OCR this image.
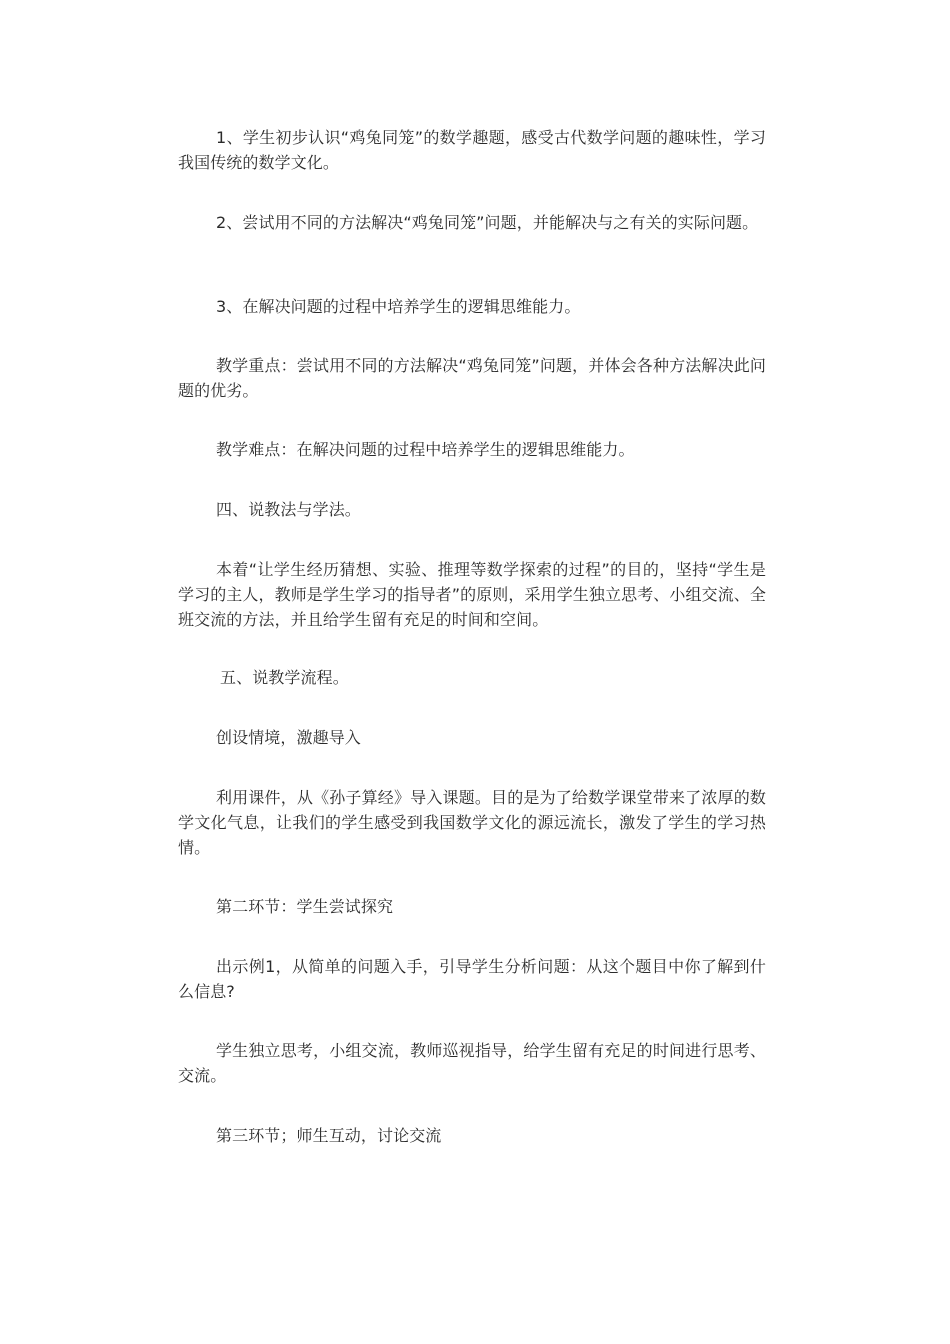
1、学生初步认识“鸡兔同笼”的数学趣题，感受古代数学问题的趣味性，学习我国传统的数学文化。

2、尝试用不同的方法解决“鸡兔同笼”问题，并能解决与之有关的实际问题。

3、在解决问题的过程中培养学生的逻辑思维能力。

教学重点：尝试用不同的方法解决“鸡兔同笼”问题，并体会各种方法解决此问题的优劣。

教学难点：在解决问题的过程中培养学生的逻辑思维能力。

四、说教法与学法。

本着“让学生经历猜想、实验、推理等数学探索的过程”的目的，坚持“学生是学习的主人，教师是学生学习的指导者”的原则，采用学生独立思考、小组交流、全班交流的方法，并且给学生留有充足的时间和空间。

五、说教学流程。

创设情境，激趣导入

利用课件，从《孙子算经》导入课题。目的是为了给数学课堂带来了浓厚的数学文化气息，让我们的学生感受到我国数学文化的源远流长，激发了学生的学习热情。

第二环节：学生尝试探究

出示例1，从简单的问题入手，引导学生分析问题：从这个题目中你了解到什么信息?

学生独立思考，小组交流，教师巡视指导，给学生留有充足的时间进行思考、交流。

第三环节；师生互动，讨论交流
